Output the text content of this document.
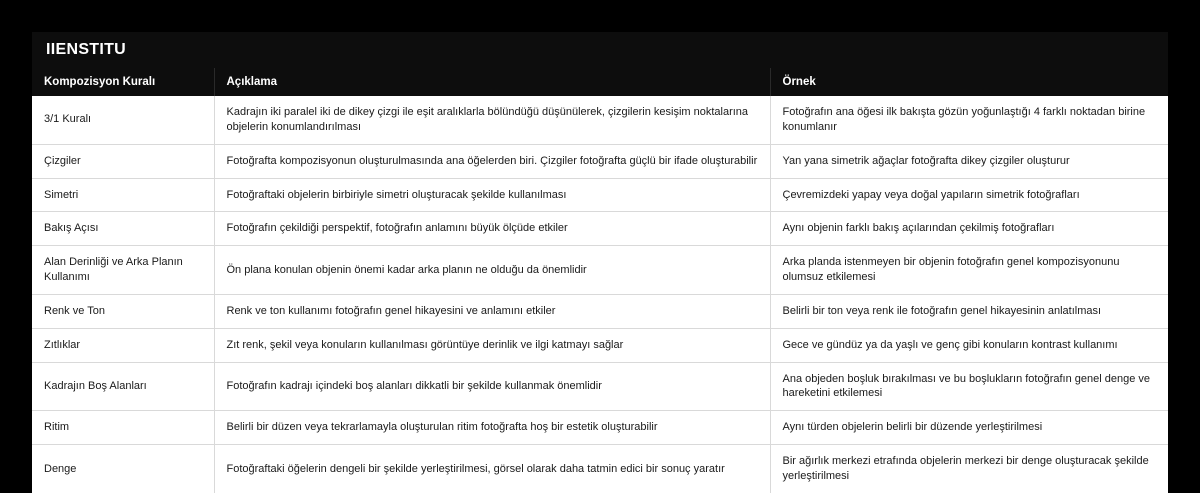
IIENSTITU
Kompozisyon Kuralı	Açıklama	Örnek
3/1 Kuralı	Kadrajın iki paralel iki de dikey çizgi ile eşit aralıklarla bölündüğü düşünülerek, çizgilerin kesişim noktalarına objelerin konumlandırılması	Fotoğrafın ana öğesi ilk bakışta gözün yoğunlaştığı 4 farklı noktadan birine konumlanır
Çizgiler	Fotoğrafta kompozisyonun oluşturulmasında ana öğelerden biri. Çizgiler fotoğrafta güçlü bir ifade oluşturabilir	Yan yana simetrik ağaçlar fotoğrafta dikey çizgiler oluşturur
Simetri	Fotoğraftaki objelerin birbiriyle simetri oluşturacak şekilde kullanılması	Çevremizdeki yapay veya doğal yapıların simetrik fotoğrafları
Bakış Açısı	Fotoğrafın çekildiği perspektif, fotoğrafın anlamını büyük ölçüde etkiler	Aynı objenin farklı bakış açılarından çekilmiş fotoğrafları
Alan Derinliği ve Arka Planın Kullanımı	Ön plana konulan objenin önemi kadar arka planın ne olduğu da önemlidir	Arka planda istenmeyen bir objenin fotoğrafın genel kompozisyonunu olumsuz etkilemesi
Renk ve Ton	Renk ve ton kullanımı fotoğrafın genel hikayesini ve anlamını etkiler	Belirli bir ton veya renk ile fotoğrafın genel hikayesinin anlatılması
Zıtlıklar	Zıt renk, şekil veya konuların kullanılması görüntüye derinlik ve ilgi katmayı sağlar	Gece ve gündüz ya da yaşlı ve genç gibi konuların kontrast kullanımı
Kadrajın Boş Alanları	Fotoğrafın kadrajı içindeki boş alanları dikkatli bir şekilde kullanmak önemlidir	Ana objeden boşluk bırakılması ve bu boşlukların fotoğrafın genel denge ve hareketini etkilemesi
Ritim	Belirli bir düzen veya tekrarlamayla oluşturulan ritim fotoğrafta hoş bir estetik oluşturabilir	Aynı türden objelerin belirli bir düzende yerleştirilmesi
Denge	Fotoğraftaki öğelerin dengeli bir şekilde yerleştirilmesi, görsel olarak daha tatmin edici bir sonuç yaratır	Bir ağırlık merkezi etrafında objelerin merkezi bir denge oluşturacak şekilde yerleştirilmesi
